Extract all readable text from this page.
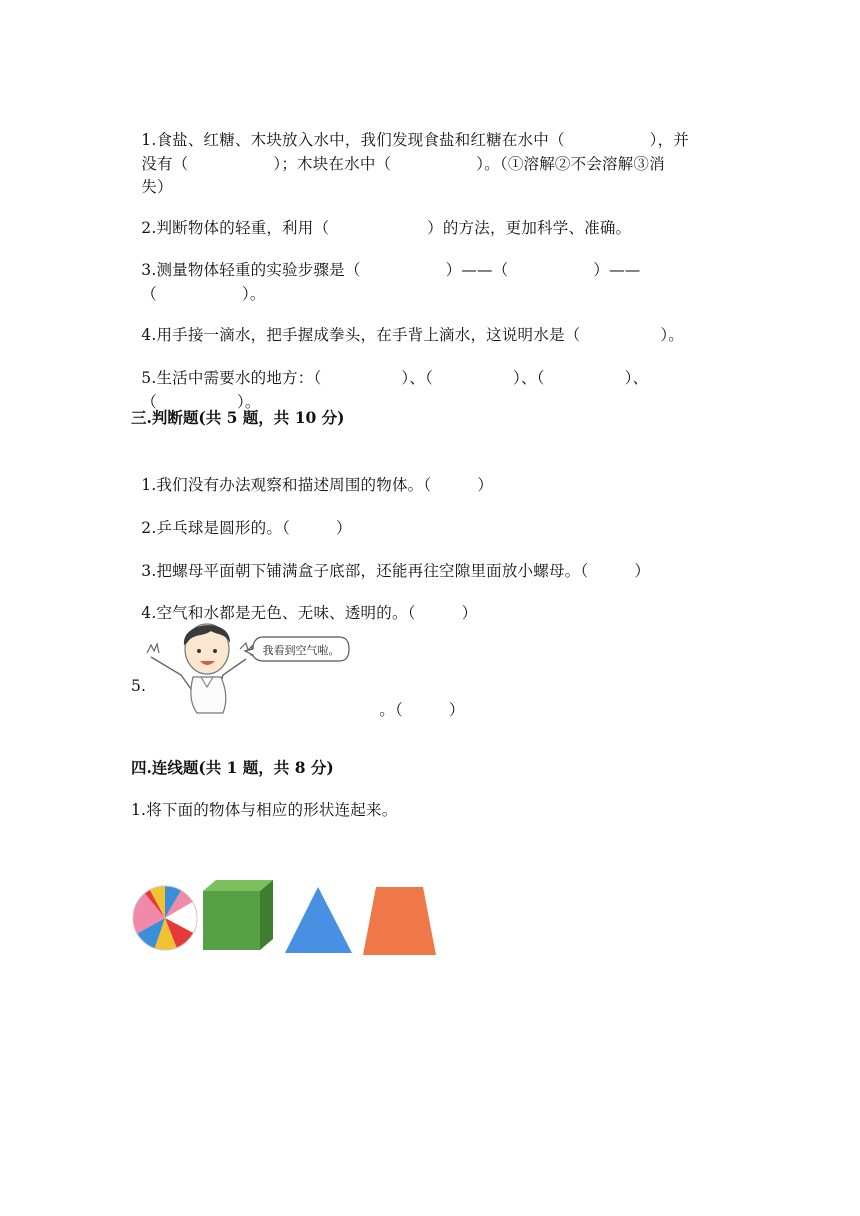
1.食盐、红糖、木块放入水中，我们发现食盐和红糖在水中（	），并

没有（	）；木块在水中（	）。（①溶解②不会溶解③消

失）

2.判断物体的轻重，利用（	）的方法，更加科学、准确。

3.测量物体轻重的实验步骤是（	）——（	）——

（	）。

4.用手接一滴水，把手握成拳头，在手背上滴水，这说明水是（	）。

5.生活中需要水的地方：（	）、（	）、（	）、

（	）。

三.判断题(共 5 题，共 10 分)

1.我们没有办法观察和描述周围的物体。（	）

2.乒乓球是圆形的。（	）

3.把螺母平面朝下铺满盒子底部，还能再往空隙里面放小螺母。（	）

4.空气和水都是无色、无味、透明的。（	）

5.

。（	）

我看到空气啦。
四.连线题(共 1 题，共 8 分)
1.将下面的物体与相应的形状连起来。
